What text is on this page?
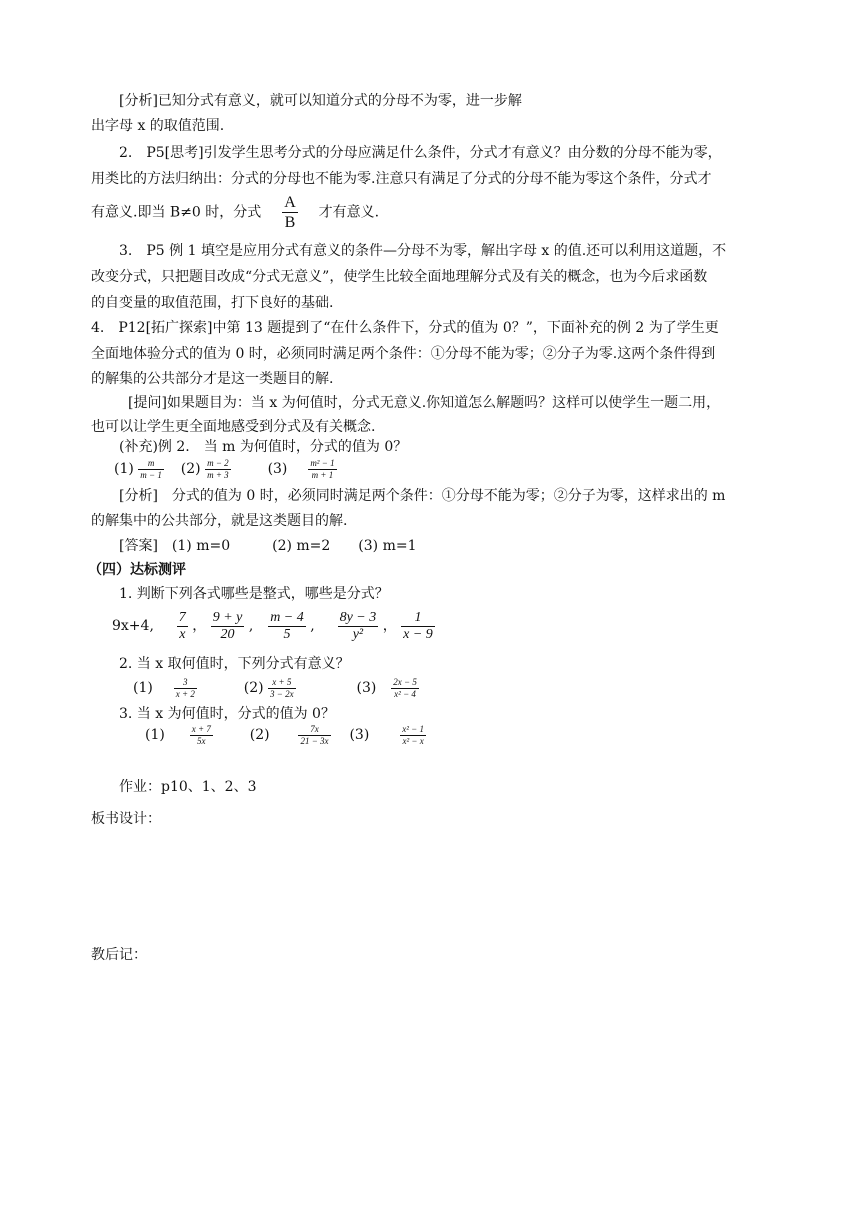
[分析]已知分式有意义，就可以知道分式的分母不为零，进一步解
出字母 x 的取值范围.
2.　P5[思考]引发学生思考分式的分母应满足什么条件，分式才有意义？由分数的分母不能为零，
用类比的方法归纳出：分式的分母也不能为零.注意只有满足了分式的分母不能为零这个条件，分式才
有意义.即当 B≠0 时，分式 $\frac{A}{B}$ 才有意义.
3.　P5 例 1 填空是应用分式有意义的条件—分母不为零，解出字母 x 的值.还可以利用这道题，不
改变分式，只把题目改成“分式无意义”，使学生比较全面地理解分式及有关的概念，也为今后求函数
的自变量的取值范围，打下良好的基础.
4.　P12[拓广探索]中第 13 题提到了“在什么条件下，分式的值为 0？”，下面补充的例 2 为了学生更
全面地体验分式的值为 0 时，必须同时满足两个条件：①分母不能为零；②分子为零.这两个条件得到
的解集的公共部分才是这一类题目的解.
[提问]如果题目为：当 x 为何值时，分式无意义.你知道怎么解题吗？这样可以使学生一题二用，
也可以让学生更全面地感受到分式及有关概念.
(补充)例 2.　当 m 为何值时，分式的值为 0？
$(1) \frac{m}{m - 1} (2) \frac{m - 2}{m + 3}$	$(3) \frac{\text{m² − 1}}{m + 1}$
[分析]　分式的值为 0 时，必须同时满足两个条件：①分母不能为零；②分子为零，这样求出的 m
的解集中的公共部分，就是这类题目的解.
[答案]　(1) m=0　　　(2) m=2　　(3) m=1
（四）达标测评
1. 判断下列各式哪些是整式，哪些是分式？
9x+4, $\frac{7}{x}$ ， $\frac{9 + y}{20}$ , $\frac{m - 4}{5}$ , $\frac{8y - 3}{\text{y²}}$ ， $\frac{1}{x - 9}$
2. 当 x 取何值时，下列分式有意义？
$(1) \frac{3}{x + 2}$	$(2) \frac{x + 5}{3 - 2x}$	$(3) \frac{2x - 5}{\text{x² − 4}}$
3. 当 x 为何值时，分式的值为 0？
(1)	$\frac{x + 7}{5x}$	(2)	$\frac{7x}{21 - 3x} (3)$	$\frac{\text{x² − 1}}{\text{x² − x}}$
作业：p10、1、2、3
板书设计：
教后记：
